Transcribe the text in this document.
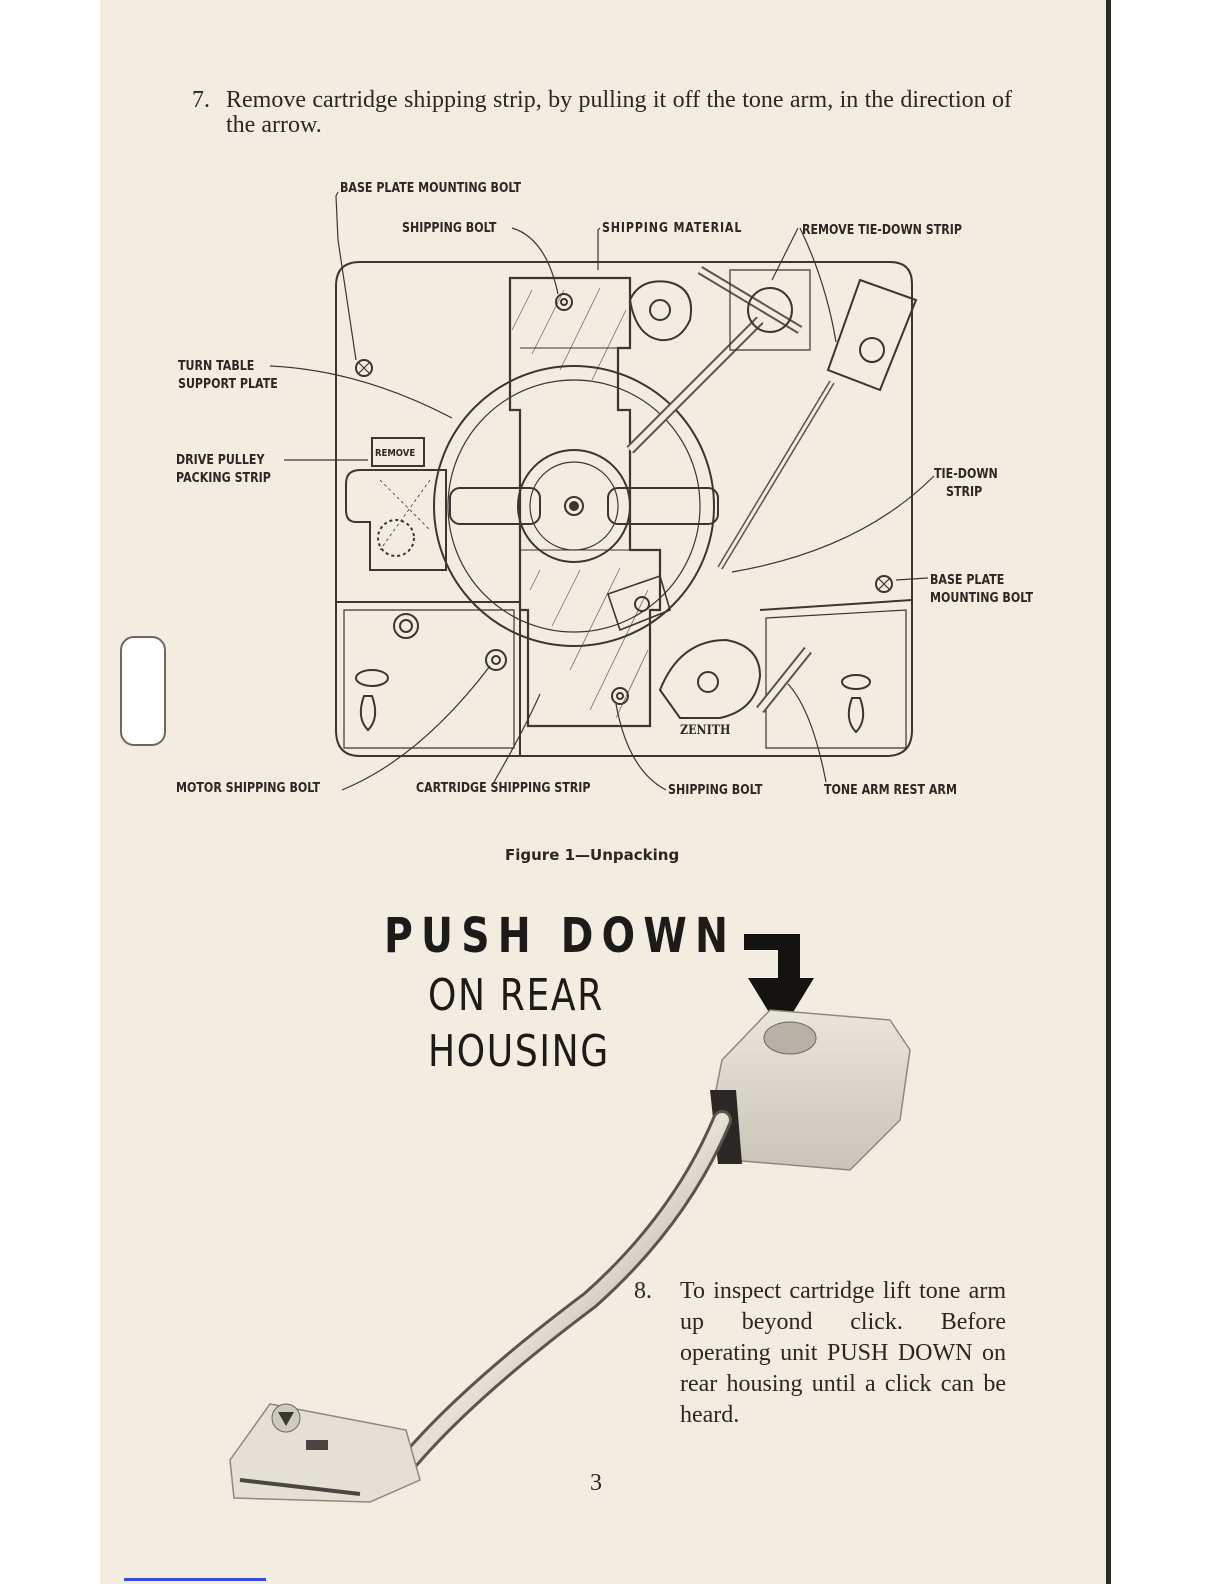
7. Remove cartridge shipping strip, by pulling it off the tone arm, in the direction of the arrow.
BASE PLATE MOUNTING BOLT
SHIPPING BOLT	SHIPPING MATERIAL	REMOVE TIE-DOWN STRIP
TURN TABLE
SUPPORT PLATE
DRIVE PULLEY
PACKING STRIP
REMOVE
TIE-DOWN
STRIP
BASE PLATE
MOUNTING BOLT
ZENITH
MOTOR SHIPPING BOLT	CARTRIDGE SHIPPING STRIP	SHIPPING BOLT	TONE ARM REST ARM
Figure 1—Unpacking
PUSH DOWN
ON REAR
HOUSING
8. To inspect cartridge lift tone arm up beyond click. Before operating unit PUSH DOWN on rear housing until a click can be heard.
3
